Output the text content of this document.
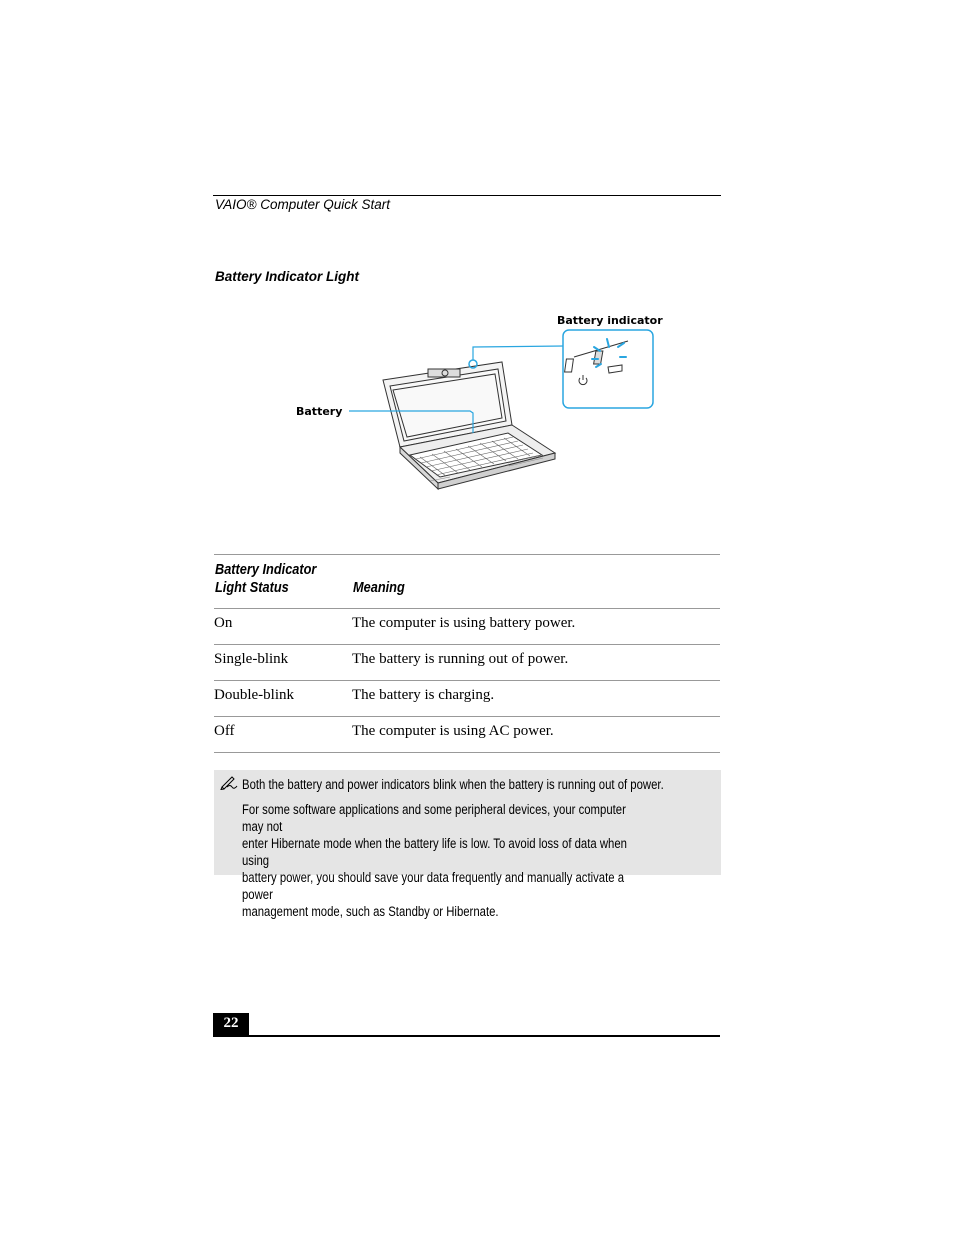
VAIO® Computer Quick Start
Battery Indicator Light
Battery indicator
Battery
Battery Indicator
Light Status	Meaning
On	The computer is using battery power.
Single-blink	The battery is running out of power.
Double-blink	The battery is charging.
Off	The computer is using AC power.
Both the battery and power indicators blink when the battery is running out of power.
For some software applications and some peripheral devices, your computer may not
enter Hibernate mode when the battery life is low. To avoid loss of data when using
battery power, you should save your data frequently and manually activate a power
management mode, such as Standby or Hibernate.
22
